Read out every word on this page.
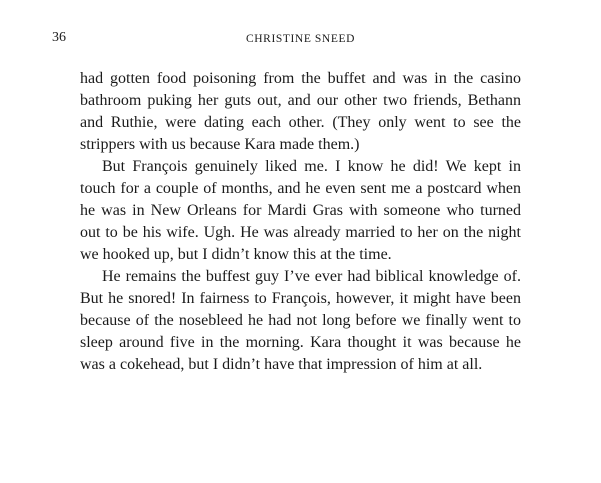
36	CHRISTINE SNEED

had gotten food poisoning from the buffet and was in the casino bathroom puking her guts out, and our other two friends, Bethann and Ruthie, were dating each other. (They only went to see the strippers with us because Kara made them.)

But François genuinely liked me. I know he did! We kept in touch for a couple of months, and he even sent me a postcard when he was in New Orleans for Mardi Gras with someone who turned out to be his wife. Ugh. He was already married to her on the night we hooked up, but I didn’t know this at the time.

He remains the buffest guy I’ve ever had biblical knowledge of. But he snored! In fairness to François, however, it might have been because of the nosebleed he had not long before we finally went to sleep around five in the morning. Kara thought it was because he was a cokehead, but I didn’t have that impression of him at all.
